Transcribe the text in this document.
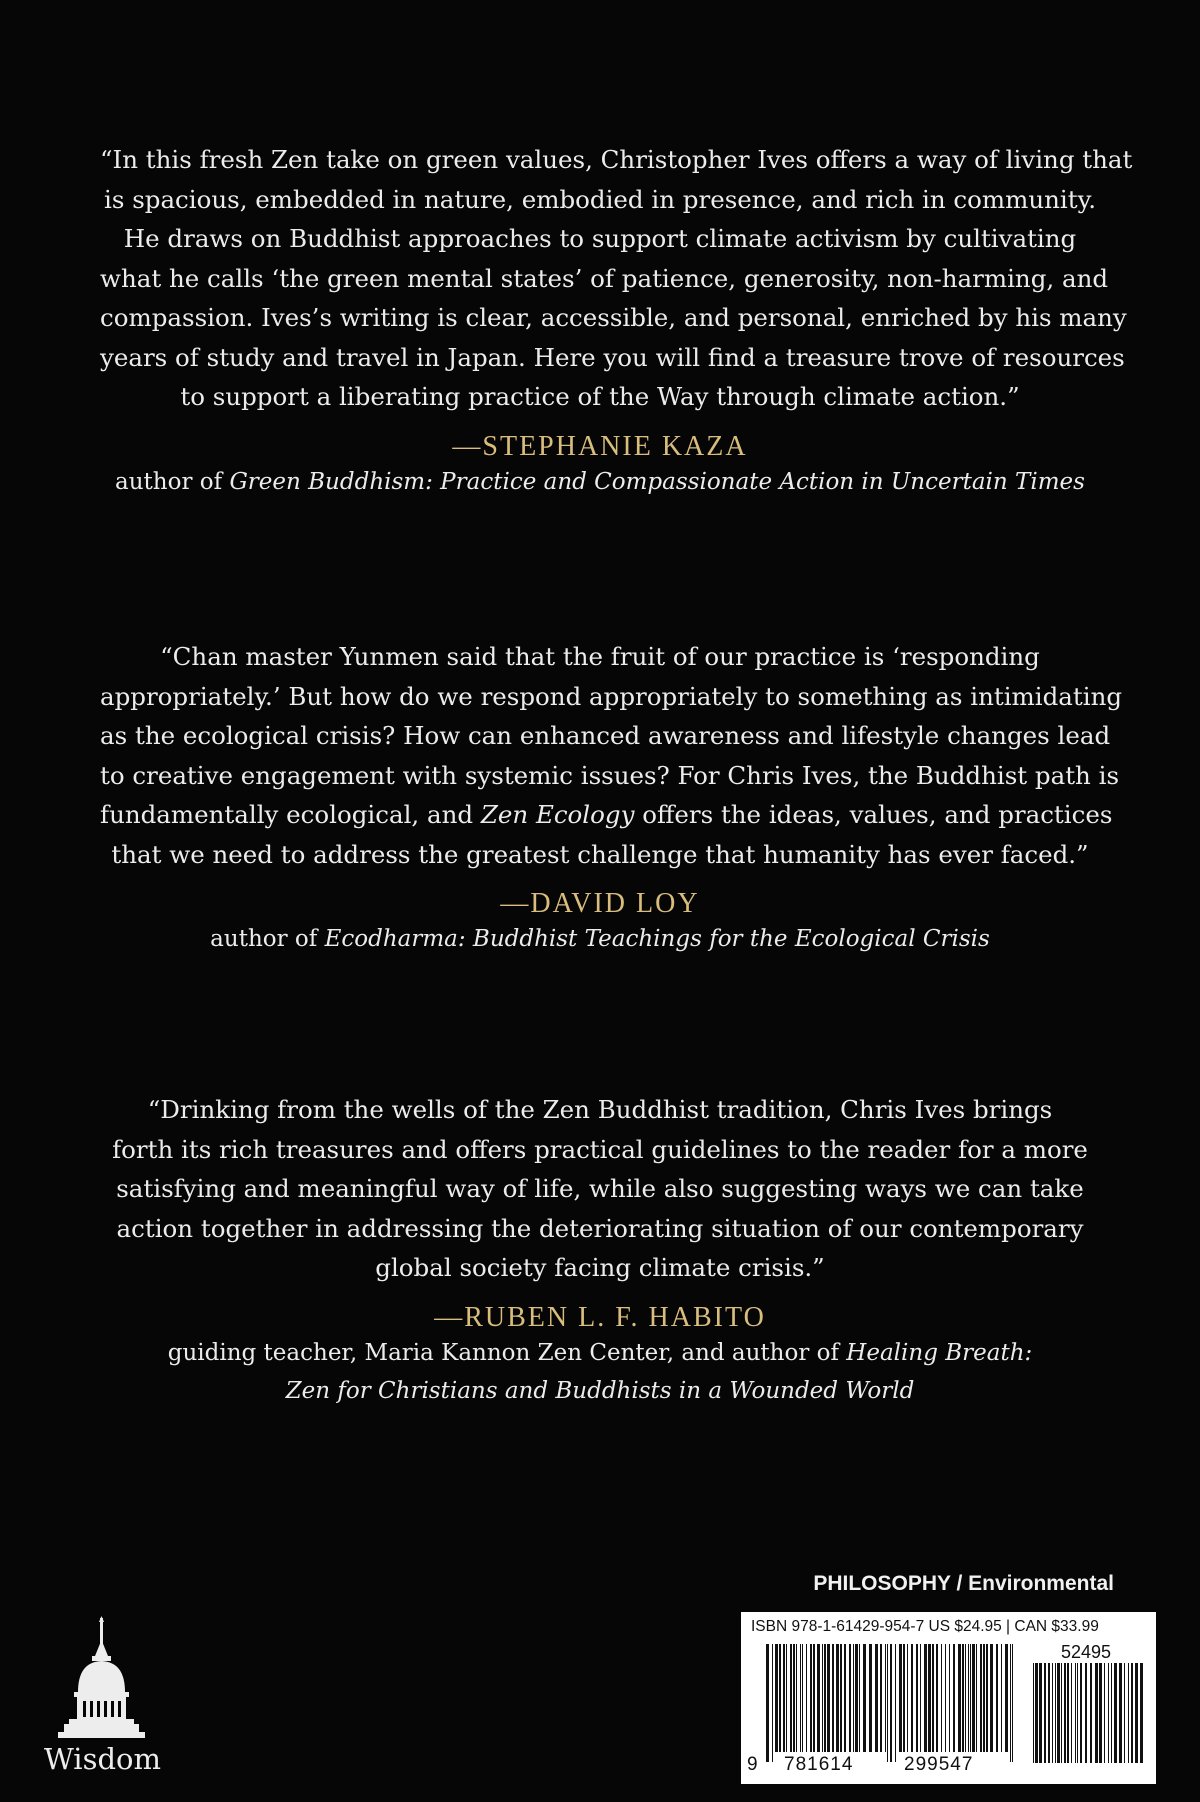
“In this fresh Zen take on green values, Christopher Ives offers a way of living that

is spacious, embedded in nature, embodied in presence, and rich in community.

He draws on Buddhist approaches to support climate activism by cultivating

what he calls ‘the green mental states’ of patience, generosity, non-harming, and

compassion. Ives’s writing is clear, accessible, and personal, enriched by his many

years of study and travel in Japan. Here you will find a treasure trove of resources

to support a liberating practice of the Way through climate action.”

—STEPHANIE KAZA

author of Green Buddhism: Practice and Compassionate Action in Uncertain Times

“Chan master Yunmen said that the fruit of our practice is ‘responding

appropriately.’ But how do we respond appropriately to something as intimidating

as the ecological crisis? How can enhanced awareness and lifestyle changes lead

to creative engagement with systemic issues? For Chris Ives, the Buddhist path is

fundamentally ecological, and Zen Ecology offers the ideas, values, and practices

that we need to address the greatest challenge that humanity has ever faced.”

—DAVID LOY

author of Ecodharma: Buddhist Teachings for the Ecological Crisis

“Drinking from the wells of the Zen Buddhist tradition, Chris Ives brings

forth its rich treasures and offers practical guidelines to the reader for a more

satisfying and meaningful way of life, while also suggesting ways we can take

action together in addressing the deteriorating situation of our contemporary

global society facing climate crisis.”

—RUBEN L. F. HABITO

guiding teacher, Maria Kannon Zen Center, and author of Healing Breath:

Zen for Christians and Buddhists in a Wounded World

PHILOSOPHY / Environmental
ISBN 978-1-61429-954-7 US $24.95 | CAN $33.99
52495
9 781614	299547
Wisdom
